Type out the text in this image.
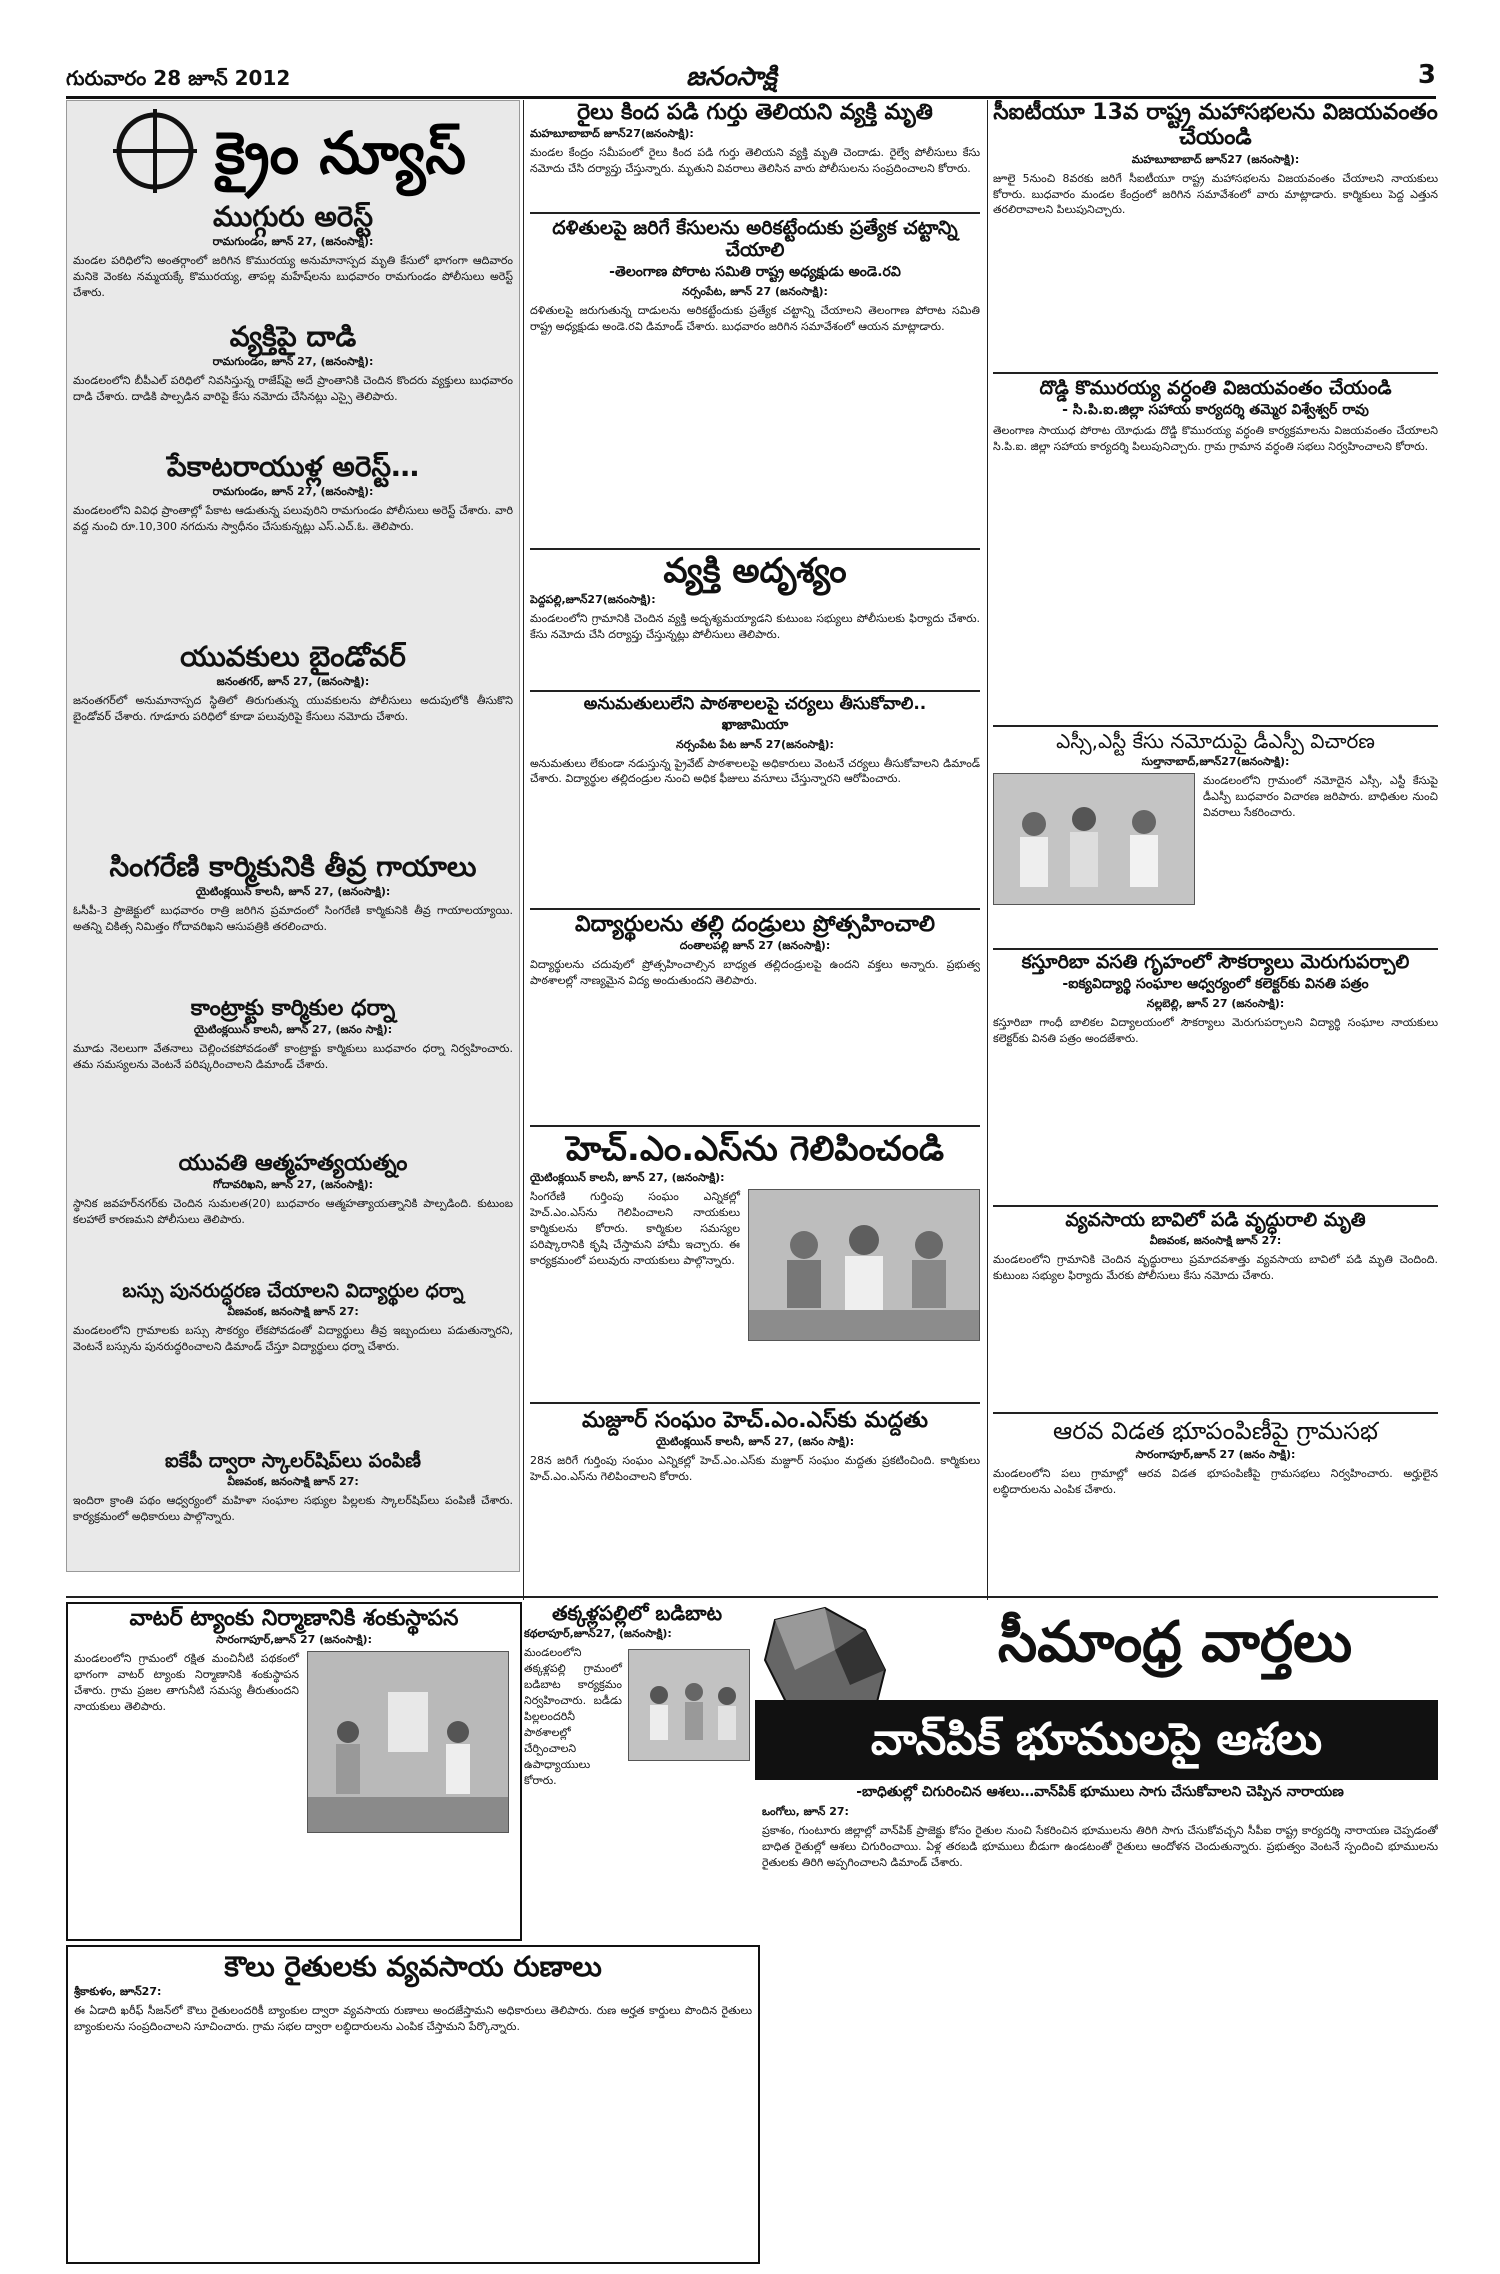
గురువారం 28 జూన్ 2012	జనంసాక్షి	3
క్రైం న్యూస్

ముగ్గురు అరెస్ట్

రామగుండం, జూన్ 27, (జనంసాక్షి):

మండల పరిధిలోని అంతర్గాంలో జరిగిన కొమురయ్య అనుమానాస్పద మృతి కేసులో భాగంగా ఆదివారం మనికె వెంకట నమ్మయక్కే కొమురయ్య, తాపల్ల మహేష్‌లను బుధవారం రామగుండం పోలీసులు అరెస్ట్ చేశారు.

వ్యక్తిపై దాడి

రామగుండం, జూన్ 27, (జనంసాక్షి):

మండలంలోని బీపీఎల్ పరిధిలో నివసిస్తున్న రాజేష్‌పై అదే ప్రాంతానికి చెందిన కొందరు వ్యక్తులు బుధవారం దాడి చేశారు. దాడికి పాల్పడిన వారిపై కేసు నమోదు చేసినట్లు ఎస్సై తెలిపారు.

పేకాటరాయుళ్ల అరెస్ట్…

రామగుండం, జూన్ 27, (జనంసాక్షి):

మండలంలోని వివిధ ప్రాంతాల్లో పేకాట ఆడుతున్న పలువురిని రామగుండం పోలీసులు అరెస్ట్ చేశారు. వారి వద్ద నుంచి రూ.10,300 నగదును స్వాధీనం చేసుకున్నట్లు ఎస్.ఎచ్.ఓ. తెలిపారు.

యువకులు బైండోవర్

జనంతగర్, జూన్ 27, (జనంసాక్షి):

జనంతగర్‌లో అనుమానాస్పద స్థితిలో తిరుగుతున్న యువకులను పోలీసులు అదుపులోకి తీసుకొని బైండోవర్ చేశారు. గూడూరు పరిధిలో కూడా పలువురిపై కేసులు నమోదు చేశారు.

సింగరేణి కార్మికునికి తీవ్ర గాయాలు

యైటింక్లయిన్ కాలనీ, జూన్ 27, (జనంసాక్షి):

ఓసీపీ-3 ప్రాజెక్టులో బుధవారం రాత్రి జరిగిన ప్రమాదంలో సింగరేణి కార్మికునికి తీవ్ర గాయాలయ్యాయి. అతన్ని చికిత్స నిమిత్తం గోదావరిఖని ఆసుపత్రికి తరలించారు.

కాంట్రాక్టు కార్మికుల ధర్నా

యైటింక్లయిన్ కాలనీ, జూన్ 27, (జనం సాక్షి):

మూడు నెలలుగా వేతనాలు చెల్లించకపోవడంతో కాంట్రాక్టు కార్మికులు బుధవారం ధర్నా నిర్వహించారు. తమ సమస్యలను వెంటనే పరిష్కరించాలని డిమాండ్ చేశారు.

యువతి ఆత్మహత్యయత్నం

గోదావరిఖని, జూన్ 27, (జనంసాక్షి):

స్థానిక జవహర్‌నగర్‌కు చెందిన సుమలత(20) బుధవారం ఆత్మహత్యాయత్నానికి పాల్పడింది. కుటుంబ కలహాలే కారణమని పోలీసులు తెలిపారు.

బస్సు పునరుద్ధరణ చేయాలని విద్యార్థుల ధర్నా

వీణవంక, జనంసాక్షి జూన్ 27:

మండలంలోని గ్రామాలకు బస్సు సౌకర్యం లేకపోవడంతో విద్యార్థులు తీవ్ర ఇబ్బందులు పడుతున్నారని, వెంటనే బస్సును పునరుద్ధరించాలని డిమాండ్ చేస్తూ విద్యార్థులు ధర్నా చేశారు.

ఐకేపీ ద్వారా స్కాలర్‌షిప్‌లు పంపిణీ

వీణవంక, జనంసాక్షి జూన్ 27:

ఇందిరా క్రాంతి పథం ఆధ్వర్యంలో మహిళా సంఘాల సభ్యుల పిల్లలకు స్కాలర్‌షిప్‌లు పంపిణీ చేశారు. కార్యక్రమంలో అధికారులు పాల్గొన్నారు.

రైలు కింద పడి గుర్తు తెలియని వ్యక్తి మృతి

మహబూబాబాద్ జూన్27(జనంసాక్షి):

మండల కేంద్రం సమీపంలో రైలు కింద పడి గుర్తు తెలియని వ్యక్తి మృతి చెందాడు. రైల్వే పోలీసులు కేసు నమోదు చేసి దర్యాప్తు చేస్తున్నారు. మృతుని వివరాలు తెలిసిన వారు పోలీసులను సంప్రదించాలని కోరారు.

దళితులపై జరిగే కేసులను అరికట్టేందుకు ప్రత్యేక చట్టాన్ని చేయాలి

-తెలంగాణ పోరాట సమితి రాష్ట్ర అధ్యక్షుడు అండె.రవి

నర్సంపేట, జూన్ 27 (జనంసాక్షి):

దళితులపై జరుగుతున్న దాడులను అరికట్టేందుకు ప్రత్యేక చట్టాన్ని చేయాలని తెలంగాణ పోరాట సమితి రాష్ట్ర అధ్యక్షుడు అండె.రవి డిమాండ్ చేశారు. బుధవారం జరిగిన సమావేశంలో ఆయన మాట్లాడారు.

వ్యక్తి అదృశ్యం

పెద్దపల్లి,జూన్27(జనంసాక్షి):

మండలంలోని గ్రామానికి చెందిన వ్యక్తి అదృశ్యమయ్యాడని కుటుంబ సభ్యులు పోలీసులకు ఫిర్యాదు చేశారు. కేసు నమోదు చేసి దర్యాప్తు చేస్తున్నట్లు పోలీసులు తెలిపారు.

అనుమతులులేని పాఠశాలలపై చర్యలు తీసుకోవాలి..

ఖాజామియా

నర్సంపేట పేట జూన్ 27(జనంసాక్షి):

అనుమతులు లేకుండా నడుస్తున్న ప్రైవేట్ పాఠశాలలపై అధికారులు వెంటనే చర్యలు తీసుకోవాలని డిమాండ్ చేశారు. విద్యార్థుల తల్లిదండ్రుల నుంచి అధిక ఫీజులు వసూలు చేస్తున్నారని ఆరోపించారు.

విద్యార్థులను తల్లి దండ్రులు ప్రోత్సహించాలి

దంతాలపల్లి జూన్ 27 (జనంసాక్షి):

విద్యార్థులను చదువులో ప్రోత్సహించాల్సిన బాధ్యత తల్లిదండ్రులపై ఉందని వక్తలు అన్నారు. ప్రభుత్వ పాఠశాలల్లో నాణ్యమైన విద్య అందుతుందని తెలిపారు.

హెచ్.ఎం.ఎస్‌ను గెలిపించండి

యైటింక్లయిన్ కాలనీ, జూన్ 27, (జనంసాక్షి):

సింగరేణి గుర్తింపు సంఘం ఎన్నికల్లో హెచ్.ఎం.ఎస్‌ను గెలిపించాలని నాయకులు కార్మికులను కోరారు. కార్మికుల సమస్యల పరిష్కారానికి కృషి చేస్తామని హామీ ఇచ్చారు. ఈ కార్యక్రమంలో పలువురు నాయకులు పాల్గొన్నారు.

మజ్దూర్ సంఘం హెచ్.ఎం.ఎస్‌కు మద్దతు

యైటింక్లయిన్ కాలనీ, జూన్ 27, (జనం సాక్షి):

28న జరిగే గుర్తింపు సంఘం ఎన్నికల్లో హెచ్.ఎం.ఎస్‌కు మజ్దూర్ సంఘం మద్దతు ప్రకటించింది. కార్మికులు హెచ్.ఎం.ఎస్‌ను గెలిపించాలని కోరారు.

సీఐటీయూ 13వ రాష్ట్ర మహాసభలను విజయవంతం చేయండి

మహబూబాబాద్ జూన్27 (జనంసాక్షి):

జూలై 5నుంచి 8వరకు జరిగే సీఐటీయూ రాష్ట్ర మహాసభలను విజయవంతం చేయాలని నాయకులు కోరారు. బుధవారం మండల కేంద్రంలో జరిగిన సమావేశంలో వారు మాట్లాడారు. కార్మికులు పెద్ద ఎత్తున తరలిరావాలని పిలుపునిచ్చారు.

దొడ్డి కొమురయ్య వర్ధంతి విజయవంతం చేయండి

- సి.పి.ఐ.జిల్లా సహాయ కార్యదర్శి తమ్మెర విశ్వేశ్వర్ రావు

తెలంగాణ సాయుధ పోరాట యోధుడు దొడ్డి కొమురయ్య వర్ధంతి కార్యక్రమాలను విజయవంతం చేయాలని సి.పి.ఐ. జిల్లా సహాయ కార్యదర్శి పిలుపునిచ్చారు. గ్రామ గ్రామాన వర్ధంతి సభలు నిర్వహించాలని కోరారు.

ఎస్సీ,ఎస్టీ కేసు నమోదుపై డీఎస్పీ విచారణ

సుల్తానాబాద్,జూన్27(జనంసాక్షి):

మండలంలోని గ్రామంలో నమోదైన ఎస్సీ, ఎస్టీ కేసుపై డీఎస్పీ బుధవారం విచారణ జరిపారు. బాధితుల నుంచి వివరాలు సేకరించారు.

కస్తూరిబా వసతి గృహంలో సౌకర్యాలు మెరుగుపర్చాలి

-ఐక్యవిద్యార్థి సంఘాల ఆధ్వర్యంలో కలెక్టర్‌కు వినతి పత్రం

నల్లబెల్లి, జూన్ 27 (జనంసాక్షి):

కస్తూరిబా గాంధీ బాలికల విద్యాలయంలో సౌకర్యాలు మెరుగుపర్చాలని విద్యార్థి సంఘాల నాయకులు కలెక్టర్‌కు వినతి పత్రం అందజేశారు.

వ్యవసాయ బావిలో పడి వృద్ధురాలి మృతి

వీణవంక, జనంసాక్షి జూన్ 27:

మండలంలోని గ్రామానికి చెందిన వృద్ధురాలు ప్రమాదవశాత్తు వ్యవసాయ బావిలో పడి మృతి చెందింది. కుటుంబ సభ్యుల ఫిర్యాదు మేరకు పోలీసులు కేసు నమోదు చేశారు.

ఆరవ విడత భూపంపిణీపై గ్రామసభ

సారంగాపూర్,జూన్ 27 (జనం సాక్షి):

మండలంలోని పలు గ్రామాల్లో ఆరవ విడత భూపంపిణీపై గ్రామసభలు నిర్వహించారు. అర్హులైన లబ్ధిదారులను ఎంపిక చేశారు.

వాటర్ ట్యాంకు నిర్మాణానికి శంకుస్థాపన

సారంగాపూర్,జూన్ 27 (జనంసాక్షి):

మండలంలోని గ్రామంలో రక్షిత మంచినీటి పథకంలో భాగంగా వాటర్ ట్యాంకు నిర్మాణానికి శంకుస్థాపన చేశారు. గ్రామ ప్రజల తాగునీటి సమస్య తీరుతుందని నాయకులు తెలిపారు.

కౌలు రైతులకు వ్యవసాయ రుణాలు

శ్రీకాకుళం, జూన్27:

ఈ ఏడాది ఖరీఫ్ సీజన్‌లో కౌలు రైతులందరికీ బ్యాంకుల ద్వారా వ్యవసాయ రుణాలు అందజేస్తామని అధికారులు తెలిపారు. రుణ అర్హత కార్డులు పొందిన రైతులు బ్యాంకులను సంప్రదించాలని సూచించారు. గ్రామ సభల ద్వారా లబ్ధిదారులను ఎంపిక చేస్తామని పేర్కొన్నారు.

తక్కళ్లపల్లిలో బడిబాట

కథలాపూర్,జూన్27, (జనంసాక్షి):

మండలంలోని తక్కళ్లపల్లి గ్రామంలో బడిబాట కార్యక్రమం నిర్వహించారు. బడీడు పిల్లలందరినీ పాఠశాలల్లో చేర్పించాలని ఉపాధ్యాయులు కోరారు.

సీమాంధ్ర వార్తలు
వాన్‌పిక్ భూములపై ఆశలు

-బాధితుల్లో చిగురించిన ఆశలు…వాన్‌పిక్ భూములు సాగు చేసుకోవాలని చెప్పిన నారాయణ

ఒంగోలు, జూన్ 27:

ప్రకాశం, గుంటూరు జిల్లాల్లో వాన్‌పిక్ ప్రాజెక్టు కోసం రైతుల నుంచి సేకరించిన భూములను తిరిగి సాగు చేసుకోవచ్చని సీపీఐ రాష్ట్ర కార్యదర్శి నారాయణ చెప్పడంతో బాధిత రైతుల్లో ఆశలు చిగురించాయి. ఏళ్ల తరబడి భూములు బీడుగా ఉండటంతో రైతులు ఆందోళన చెందుతున్నారు. ప్రభుత్వం వెంటనే స్పందించి భూములను రైతులకు తిరిగి అప్పగించాలని డిమాండ్ చేశారు.
